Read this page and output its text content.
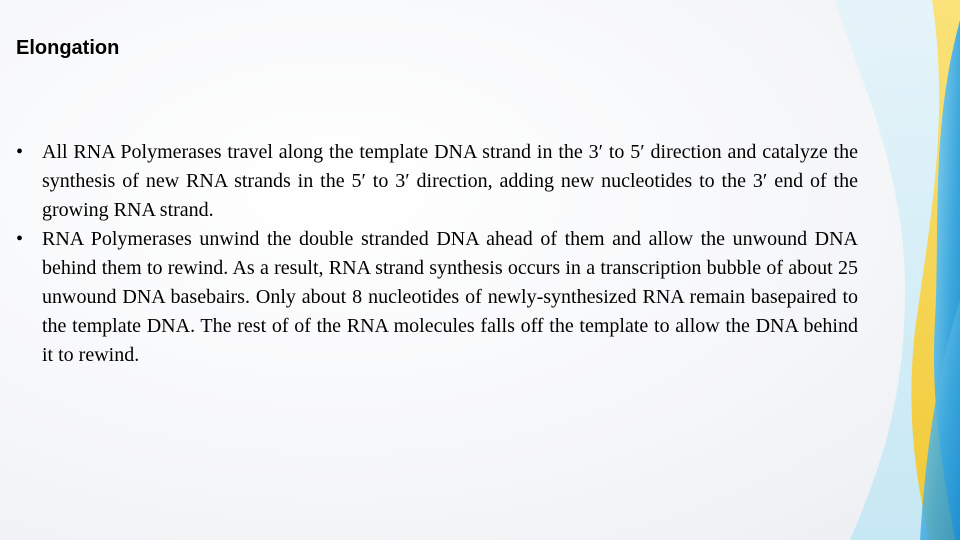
Elongation
• All RNA Polymerases travel along the template DNA strand in the 3′ to 5′ direction and catalyze the synthesis of new RNA strands in the 5′ to 3′ direction, adding new nucleotides to the 3′ end of the growing RNA strand.
• RNA Polymerases unwind the double stranded DNA ahead of them and allow the unwound DNA behind them to rewind. As a result, RNA strand synthesis occurs in a transcription bubble of about 25 unwound DNA basebairs. Only about 8 nucleotides of newly-synthesized RNA remain basepaired to the template DNA. The rest of of the RNA molecules falls off the template to allow the DNA behind it to rewind.
